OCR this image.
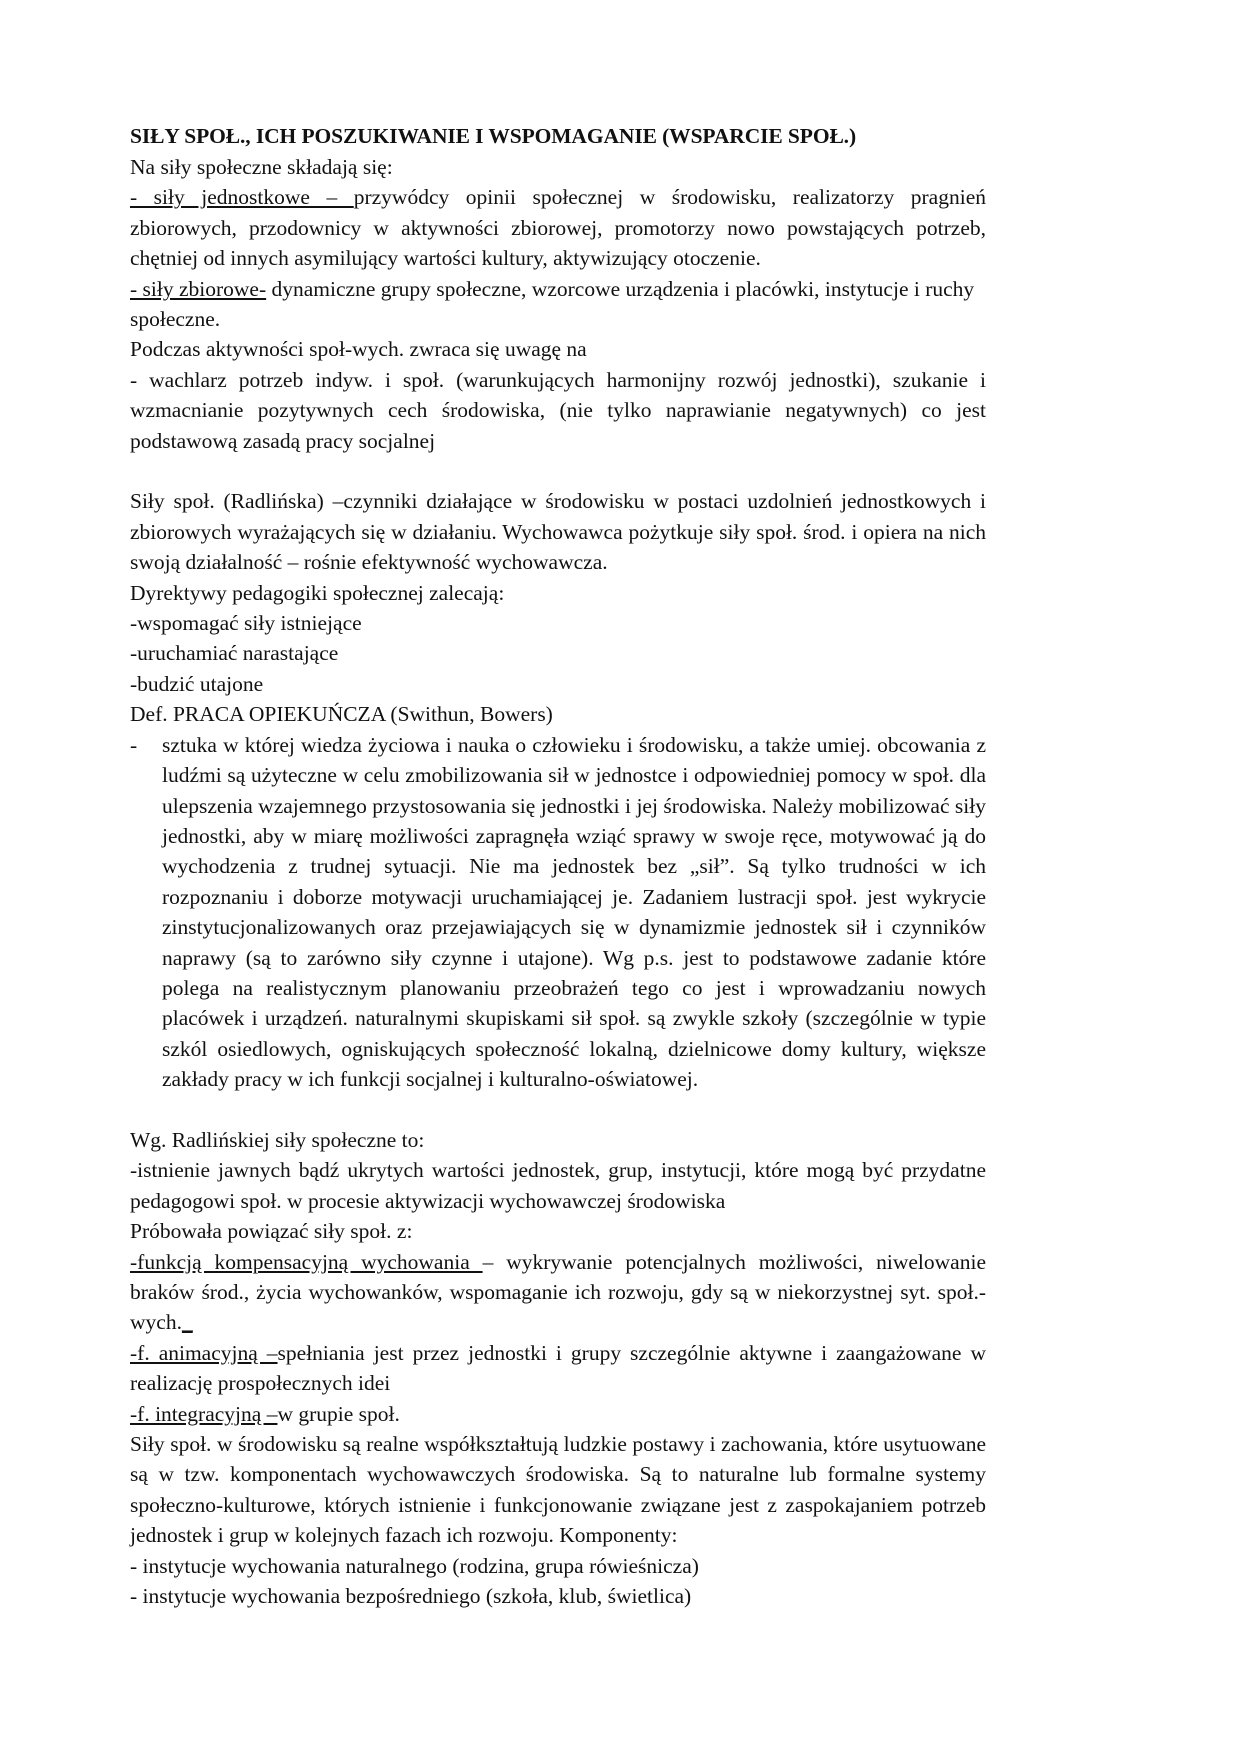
SIŁY SPOŁ., ICH POSZUKIWANIE I WSPOMAGANIE (WSPARCIE SPOŁ.)

Na siły społeczne składają się:

- siły jednostkowe – przywódcy opinii społecznej w środowisku, realizatorzy pragnień zbiorowych, przodownicy w aktywności zbiorowej, promotorzy nowo powstających potrzeb, chętniej od innych asymilujący wartości kultury, aktywizujący otoczenie.

- siły zbiorowe- dynamiczne grupy społeczne, wzorcowe urządzenia i placówki, instytucje i ruchy społeczne.

Podczas aktywności społ-wych. zwraca się uwagę na

- wachlarz potrzeb indyw. i społ. (warunkujących harmonijny rozwój jednostki), szukanie i wzmacnianie pozytywnych cech środowiska, (nie tylko naprawianie negatywnych) co jest podstawową zasadą pracy socjalnej

Siły społ. (Radlińska) –czynniki działające w środowisku w postaci uzdolnień jednostkowych i zbiorowych wyrażających się w działaniu. Wychowawca pożytkuje siły społ. środ. i opiera na nich swoją działalność – rośnie efektywność wychowawcza.

Dyrektywy pedagogiki społecznej zalecają:

-wspomagać siły istniejące

-uruchamiać narastające

-budzić utajone

Def. PRACA OPIEKUŃCZA (Swithun, Bowers)

- sztuka w której wiedza życiowa i nauka o człowieku i środowisku, a także umiej. obcowania z ludźmi są użyteczne w celu zmobilizowania sił w jednostce i odpowiedniej pomocy w społ. dla ulepszenia wzajemnego przystosowania się jednostki i jej środowiska. Należy mobilizować siły jednostki, aby w miarę możliwości zapragnęła wziąć sprawy w swoje ręce, motywować ją do wychodzenia z trudnej sytuacji. Nie ma jednostek bez „sił”. Są tylko trudności w ich rozpoznaniu i doborze motywacji uruchamiającej je. Zadaniem lustracji społ. jest wykrycie zinstytucjonalizowanych oraz przejawiających się w dynamizmie jednostek sił i czynników naprawy (są to zarówno siły czynne i utajone). Wg p.s. jest to podstawowe zadanie które polega na realistycznym planowaniu przeobrażeń tego co jest i wprowadzaniu nowych placówek i urządzeń. naturalnymi skupiskami sił społ. są zwykle szkoły (szczególnie w typie szkól osiedlowych, ogniskujących społeczność lokalną, dzielnicowe domy kultury, większe zakłady pracy w ich funkcji socjalnej i kulturalno-oświatowej.

Wg. Radlińskiej siły społeczne to:

-istnienie jawnych bądź ukrytych wartości jednostek, grup, instytucji, które mogą być przydatne pedagogowi społ. w procesie aktywizacji wychowawczej środowiska

Próbowała powiązać siły społ. z:

-funkcją kompensacyjną wychowania – wykrywanie potencjalnych możliwości, niwelowanie braków środ., życia wychowanków, wspomaganie ich rozwoju, gdy są w niekorzystnej syt. społ.-wych._

-f. animacyjną –spełniania jest przez jednostki i grupy szczególnie aktywne i zaangażowane w realizację prospołecznych idei

-f. integracyjną –w grupie społ.

Siły społ. w środowisku są realne współkształtują ludzkie postawy i zachowania, które usytuowane są w tzw. komponentach wychowawczych środowiska. Są to naturalne lub formalne systemy społeczno-kulturowe, których istnienie i funkcjonowanie związane jest z zaspokajaniem potrzeb jednostek i grup w kolejnych fazach ich rozwoju. Komponenty:

- instytucje wychowania naturalnego (rodzina, grupa rówieśnicza)

- instytucje wychowania bezpośredniego (szkoła, klub, świetlica)
